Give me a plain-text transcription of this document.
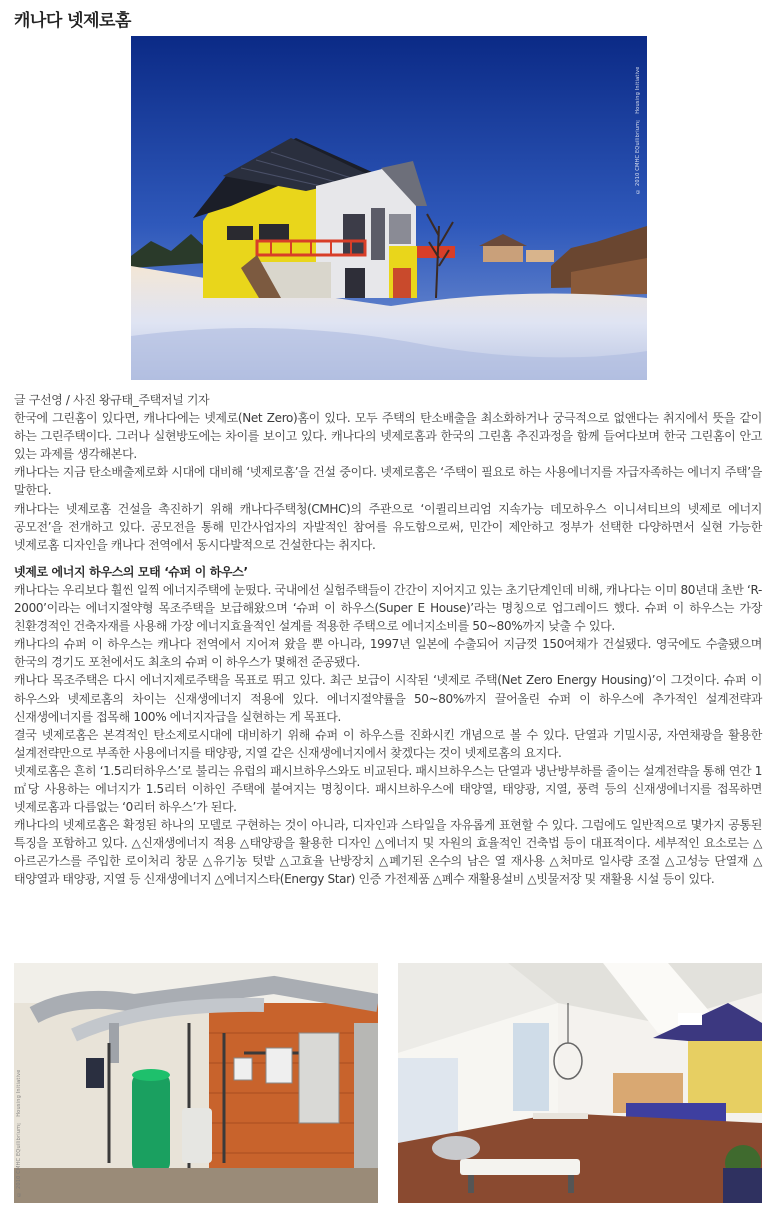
캐나다 넷제로홈
© 2010 CMHC EQuilibrium™ Housing Initiative

글 구선영 / 사진 왕규태_주택저널 기자

한국에 그린홈이 있다면, 캐나다에는 넷제로(Net Zero)홈이 있다. 모두 주택의 탄소배출을 최소화하거나 궁극적으로 없앤다는 취지에서 뜻을 같이 하는 그린주택이다. 그러나 실현방도에는 차이를 보이고 있다. 캐나다의 넷제로홈과 한국의 그린홈 추진과정을 함께 들여다보며 한국 그린홈이 안고 있는 과제를 생각해본다.

캐나다는 지금 탄소배출제로화 시대에 대비해 ‘넷제로홈’을 건설 중이다. 넷제로홈은 ‘주택이 필요로 하는 사용에너지를 자급자족하는 에너지 주택’을 말한다.

캐나다는 넷제로홈 건설을 촉진하기 위해 캐나다주택청(CMHC)의 주관으로 ‘이퀼리브리엄 지속가능 데모하우스 이니셔티브의 넷제로 에너지 공모전’을 전개하고 있다. 공모전을 통해 민간사업자의 자발적인 참여를 유도함으로써, 민간이 제안하고 정부가 선택한 다양하면서 실현 가능한 넷제로홈 디자인을 캐나다 전역에서 동시다발적으로 건설한다는 취지다.

넷제로 에너지 하우스의 모태 ‘슈퍼 이 하우스’

캐나다는 우리보다 훨씬 일찍 에너지주택에 눈떴다. 국내에선 실험주택들이 간간이 지어지고 있는 초기단계인데 비해, 캐나다는 이미 80년대 초반 ‘R-2000’이라는 에너지절약형 목조주택을 보급해왔으며 ‘슈퍼 이 하우스(Super E House)’라는 명칭으로 업그레이드 했다. 슈퍼 이 하우스는 가장 친환경적인 건축자재를 사용해 가장 에너지효율적인 설계를 적용한 주택으로 에너지소비를 50~80%까지 낮출 수 있다.

캐나다의 슈퍼 이 하우스는 캐나다 전역에서 지어져 왔을 뿐 아니라, 1997년 일본에 수출되어 지금껏 150여채가 건설됐다. 영국에도 수출됐으며 한국의 경기도 포천에서도 최초의 슈퍼 이 하우스가 몇해전 준공됐다.

캐나다 목조주택은 다시 에너지제로주택을 목표로 뛰고 있다. 최근 보급이 시작된 ‘넷제로 주택(Net Zero Energy Housing)’이 그것이다. 슈퍼 이 하우스와 넷제로홈의 차이는 신재생에너지 적용에 있다. 에너지절약률을 50~80%까지 끌어올린 슈퍼 이 하우스에 추가적인 설계전략과 신재생에너지를 접목해 100% 에너지자급을 실현하는 게 목표다.

결국 넷제로홈은 본격적인 탄소제로시대에 대비하기 위해 슈퍼 이 하우스를 진화시킨 개념으로 볼 수 있다. 단열과 기밀시공, 자연채광을 활용한 설계전략만으로 부족한 사용에너지를 태양광, 지열 같은 신재생에너지에서 찾겠다는 것이 넷제로홈의 요지다.

넷제로홈은 흔히 ‘1.5리터하우스’로 불리는 유럽의 패시브하우스와도 비교된다. 패시브하우스는 단열과 냉난방부하를 줄이는 설계전략을 통해 연간 1㎡당 사용하는 에너지가 1.5리터 이하인 주택에 붙여지는 명칭이다. 패시브하우스에 태양열, 태양광, 지열, 풍력 등의 신재생에너지를 접목하면 넷제로홈과 다름없는 ‘0리터 하우스’가 된다.

캐나다의 넷제로홈은 확정된 하나의 모델로 구현하는 것이 아니라, 디자인과 스타일을 자유롭게 표현할 수 있다. 그럼에도 일반적으로 몇가지 공통된 특징을 포함하고 있다. △신재생에너지 적용 △태양광을 활용한 디자인 △에너지 및 자원의 효율적인 건축법 등이 대표적이다. 세부적인 요소로는 △아르곤가스를 주입한 로이처리 창문 △유기농 텃밭 △고효율 난방장치 △폐기된 온수의 남은 열 재사용 △처마로 일사량 조절 △고성능 단열재 △태양열과 태양광, 지열 등 신재생에너지 △에너지스타(Energy Star) 인증 가전제품 △폐수 재활용설비 △빗물저장 및 재활용 시설 등이 있다.

© 2010 CMHC EQuilibrium™ Housing Initiative
